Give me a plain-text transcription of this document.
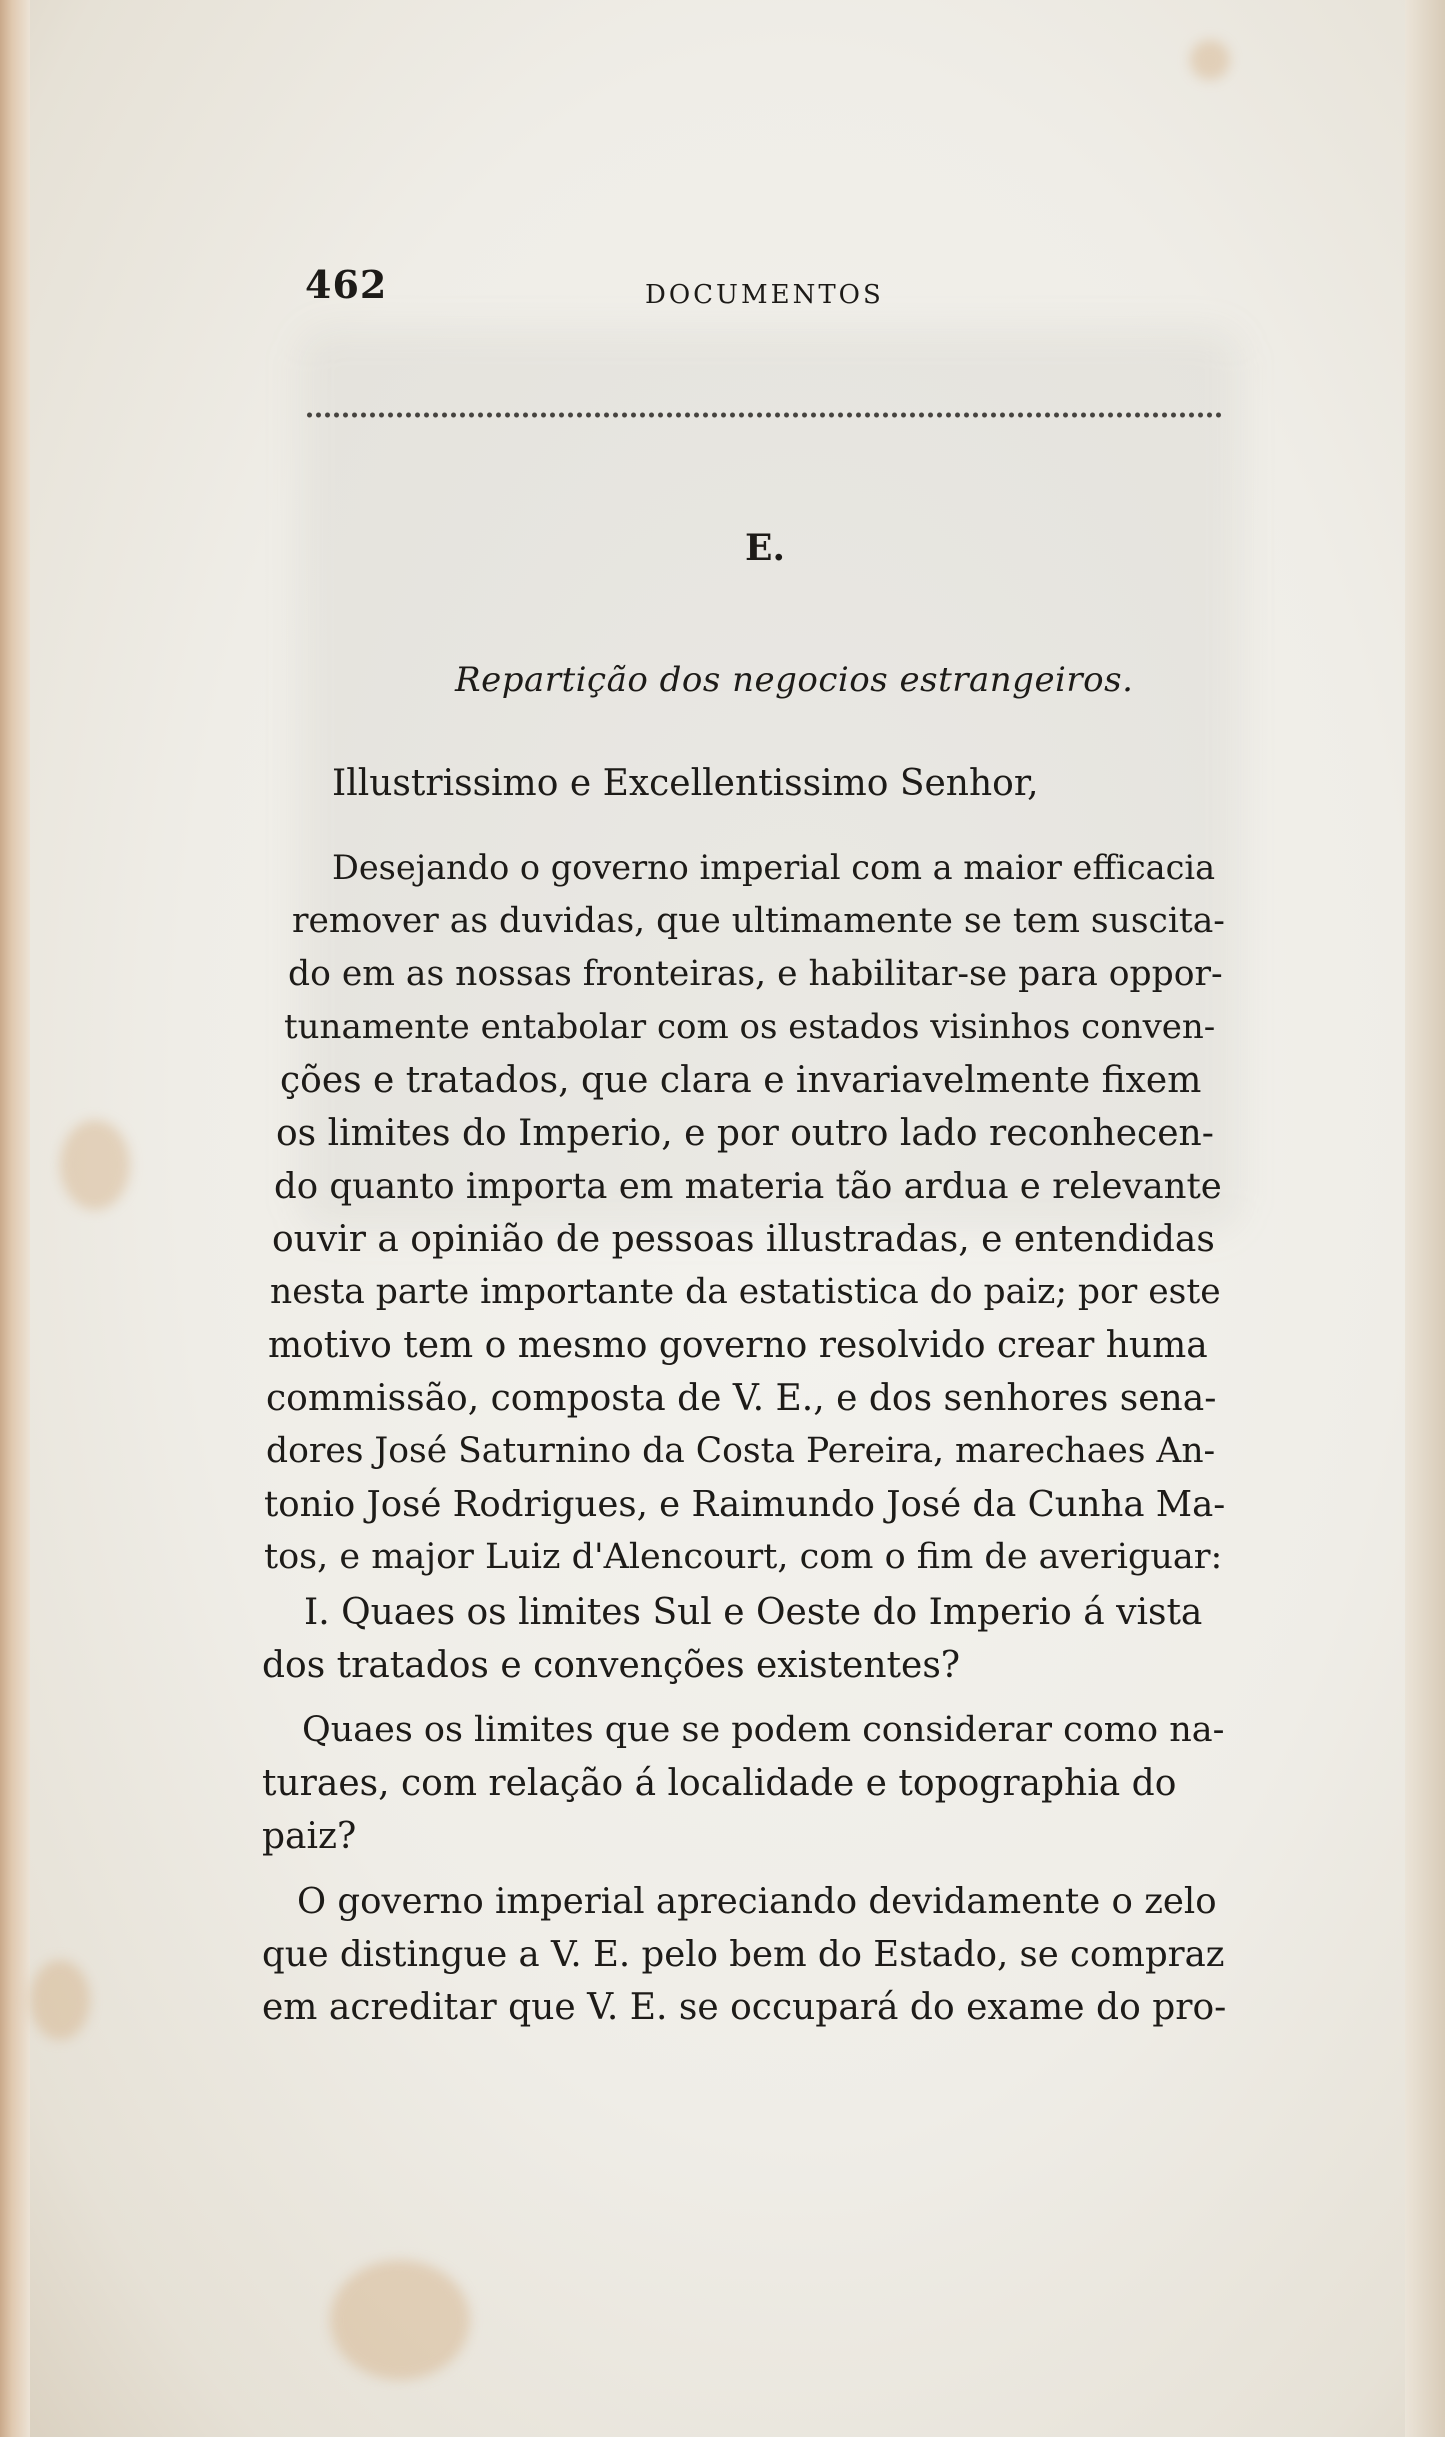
462	DOCUMENTOS
E.
Repartição dos negocios estrangeiros.
Illustrissimo e Excellentissimo Senhor,
Desejando o governo imperial com a maior efficacia
remover as duvidas, que ultimamente se tem suscita-
do em as nossas fronteiras, e habilitar-se para oppor-
tunamente entabolar com os estados visinhos conven-
ções e tratados, que clara e invariavelmente fixem
os limites do Imperio, e por outro lado reconhecen-
do quanto importa em materia tão ardua e relevante
ouvir a opinião de pessoas illustradas, e entendidas
nesta parte importante da estatistica do paiz; por este
motivo tem o mesmo governo resolvido crear huma
commissão, composta de V. E., e dos senhores sena-
dores José Saturnino da Costa Pereira, marechaes An-
tonio José Rodrigues, e Raimundo José da Cunha Ma-
tos, e major Luiz d'Alencourt, com o fim de averiguar:
I. Quaes os limites Sul e Oeste do Imperio á vista
dos tratados e convenções existentes?
Quaes os limites que se podem considerar como na-
turaes, com relação á localidade e topographia do
paiz?
O governo imperial apreciando devidamente o zelo
que distingue a V. E. pelo bem do Estado, se compraz
em acreditar que V. E. se occupará do exame do pro-
